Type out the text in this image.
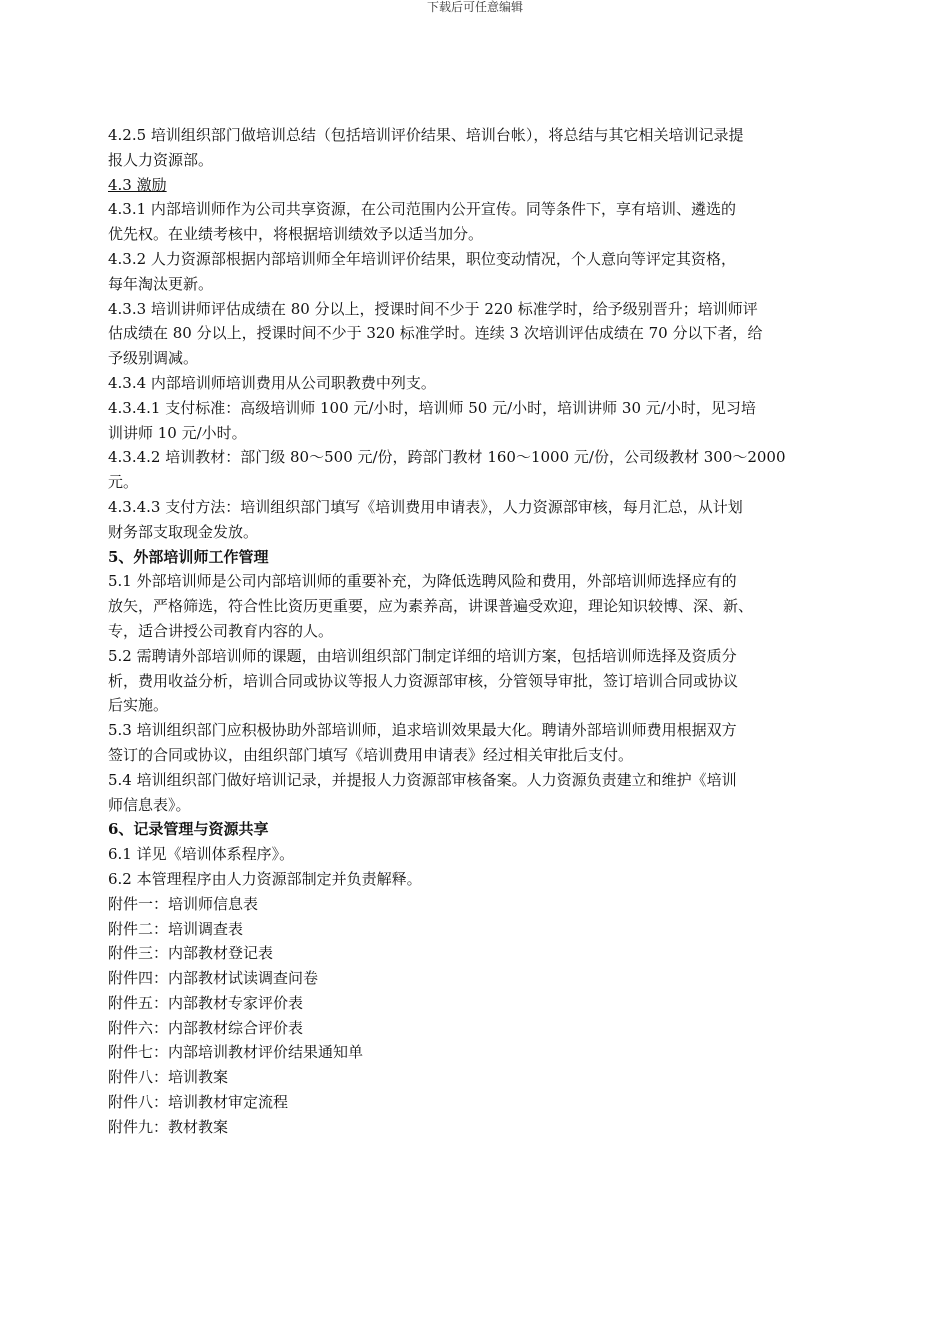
下载后可任意编辑
4.2.5 培训组织部门做培训总结（包括培训评价结果、培训台帐），将总结与其它相关培训记录提
报人力资源部。
4.3 激励
4.3.1 内部培训师作为公司共享资源，在公司范围内公开宣传。同等条件下，享有培训、遴选的
优先权。在业绩考核中，将根据培训绩效予以适当加分。
4.3.2 人力资源部根据内部培训师全年培训评价结果，职位变动情况，个人意向等评定其资格，
每年淘汰更新。
4.3.3 培训讲师评估成绩在 80 分以上，授课时间不少于 220 标准学时，给予级别晋升；培训师评
估成绩在 80 分以上，授课时间不少于 320 标准学时。连续 3 次培训评估成绩在 70 分以下者，给
予级别调减。
4.3.4 内部培训师培训费用从公司职教费中列支。
4.3.4.1 支付标准：高级培训师 100 元/小时，培训师 50 元/小时，培训讲师 30 元/小时，见习培
训讲师 10 元/小时。
4.3.4.2 培训教材：部门级 80～500 元/份，跨部门教材 160～1000 元/份，公司级教材 300～2000
元。
4.3.4.3 支付方法：培训组织部门填写《培训费用申请表》，人力资源部审核，每月汇总，从计划
财务部支取现金发放。
5、外部培训师工作管理
5.1 外部培训师是公司内部培训师的重要补充，为降低选聘风险和费用，外部培训师选择应有的
放矢，严格筛选，符合性比资历更重要，应为素养高，讲课普遍受欢迎，理论知识较博、深、新、
专，适合讲授公司教育内容的人。
5.2 需聘请外部培训师的课题，由培训组织部门制定详细的培训方案，包括培训师选择及资质分
析，费用收益分析，培训合同或协议等报人力资源部审核，分管领导审批，签订培训合同或协议
后实施。
5.3 培训组织部门应积极协助外部培训师，追求培训效果最大化。聘请外部培训师费用根据双方
签订的合同或协议，由组织部门填写《培训费用申请表》经过相关审批后支付。
5.4 培训组织部门做好培训记录，并提报人力资源部审核备案。人力资源负责建立和维护《培训
师信息表》。
6、记录管理与资源共享
6.1 详见《培训体系程序》。
6.2 本管理程序由人力资源部制定并负责解释。
附件一：培训师信息表
附件二：培训调查表
附件三：内部教材登记表
附件四：内部教材试读调查问卷
附件五：内部教材专家评价表
附件六：内部教材综合评价表
附件七：内部培训教材评价结果通知单
附件八：培训教案
附件八：培训教材审定流程
附件九：教材教案
